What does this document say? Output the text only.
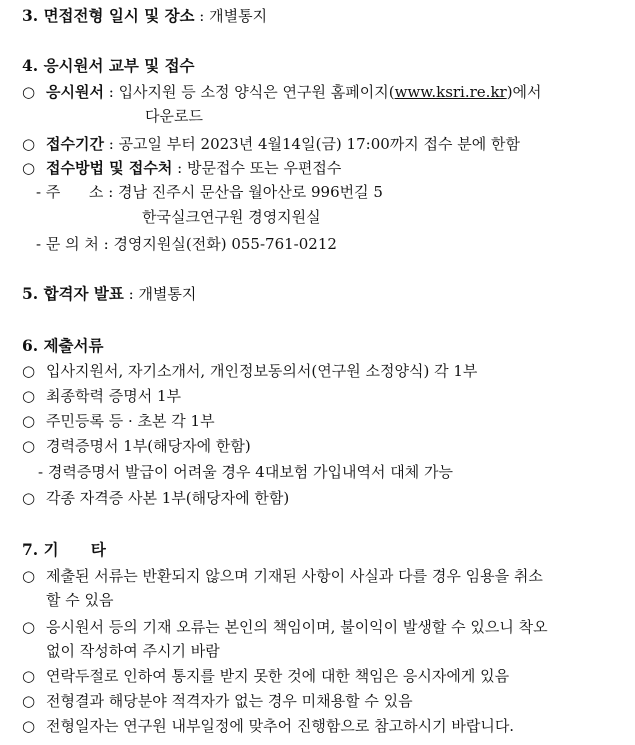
3. 면접전형 일시 및 장소 : 개별통지
4. 응시원서 교부 및 접수
○ 응시원서 : 입사지원 등 소정 양식은 연구원 홈페이지(www.ksri.re.kr)에서
다운로드
○ 접수기간 : 공고일 부터 2023년 4월14일(금) 17:00까지 접수 분에 한함
○ 접수방법 및 접수처 : 방문접수 또는 우편접수
- 주      소 : 경남 진주시 문산읍 월아산로 996번길 5
한국실크연구원 경영지원실
- 문 의 처 : 경영지원실(전화) 055-761-0212
5. 합격자 발표 : 개별통지
6. 제출서류
○ 입사지원서, 자기소개서, 개인정보동의서(연구원 소정양식) 각 1부
○ 최종학력 증명서 1부
○ 주민등록 등 · 초본 각 1부
○ 경력증명서 1부(해당자에 한함)
- 경력증명서 발급이 어려울 경우 4대보험 가입내역서 대체 가능
○ 각종 자격증 사본 1부(해당자에 한함)
7. 기      타
○ 제출된 서류는 반환되지 않으며 기재된 사항이 사실과 다를 경우 임용을 취소
할 수 있음
○ 응시원서 등의 기재 오류는 본인의 책임이며, 불이익이 발생할 수 있으니 착오
없이 작성하여 주시기 바람
○ 연락두절로 인하여 통지를 받지 못한 것에 대한 책임은 응시자에게 있음
○ 전형결과 해당분야 적격자가 없는 경우 미채용할 수 있음
○ 전형일자는 연구원 내부일정에 맞추어 진행함으로 참고하시기 바랍니다.
